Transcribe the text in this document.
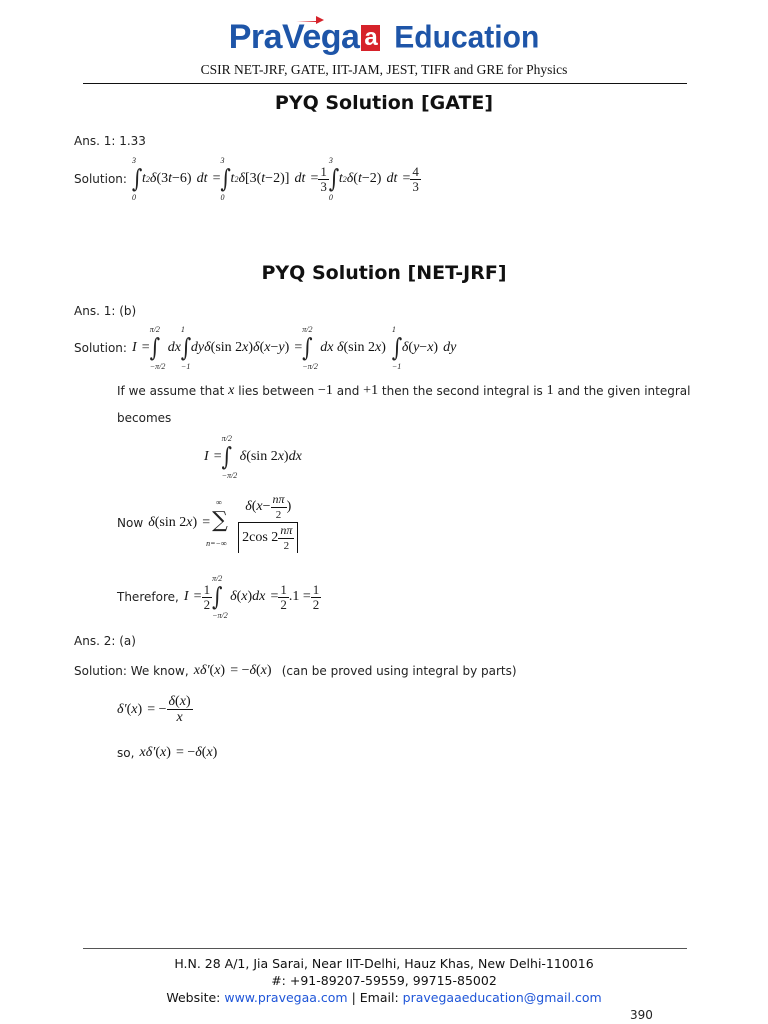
PraVega a Education
CSIR NET-JRF, GATE, IIT-JAM, JEST, TIFR and GRE for Physics
PYQ Solution [GATE]
Ans. 1: 1.33
Solution:

3
∫
0
t 2 δ (3 t −6)
dt
=
3
∫
0
t 2 δ [3( t −2)]
dt
= $\frac{1}{3}$
3
∫
0
t 2 δ ( t −2)
dt
= $\frac{4}{3}$
PYQ Solution [NET-JRF]
Ans. 1: (b)
Solution:
I
=
π/2
∫
−π/2
dx
1
∫
−1
dyδ (sin 2 x ) δ ( x − y )
=
π/2
∫
−π/2
dx δ (sin 2 x )
1
∫
−1
δ ( y − x )
dy
If we assume that
x
lies between
−1
and
+1
then the second integral is
1
and the given integral
becomes
I
=
π/2
∫
−π/2
δ (sin 2 x ) dx
Now
δ (sin 2 x )
=
∞
∑
$n=-\infty \frac{\delta(x- \frac{n\pi}{2} )}{2\cos 2 \frac{n\pi}{2}}$
Therefore,
I
= $\frac{1}{2}$
π/2
∫
−π/2
δ ( x ) dx
= $\frac{1}{2} .1 = \frac{1}{2}$
Ans. 2: (a)
Solution: We know,
xδ′ ( x )
= − δ ( x )
(can be proved using integral by parts)
δ′ ( x )
= − $\frac{\delta(x)}{x}$
so,
xδ′ ( x )
= − δ ( x )
H.N. 28 A/1, Jia Sarai, Near IIT-Delhi, Hauz Khas, New Delhi-110016
#: +91-89207-59559, 99715-85002
Website: www.pravegaa.com | Email: pravegaaeducation@gmail.com
390
